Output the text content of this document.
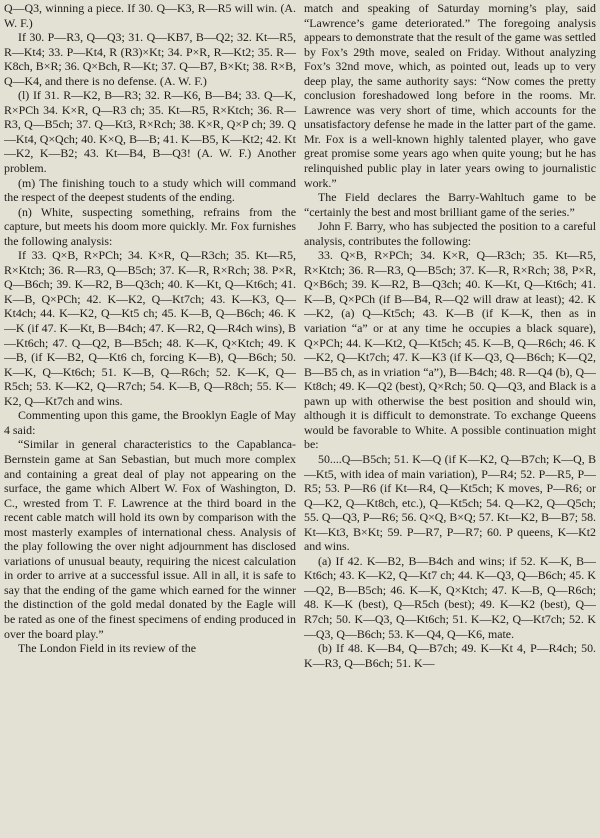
Q—Q3, winning a piece. If 30. Q—K3, R—R5 will win. (A. W. F.)

If 30. P—R3, Q—Q3; 31. Q—KB7, B—Q2; 32. Kt—R5, R—Kt4; 33. P—Kt4, R (R3)×Kt; 34. P×R, R—Kt2; 35. R—K8ch, B×R; 36. Q×Bch, R—Kt; 37. Q—B7, B×Kt; 38. R×B, Q—K4, and there is no defense. (A. W. F.)

(l) If 31. R—K2, B—R3; 32. R—K6, B—B4; 33. Q—K, R×PCh 34. K×R, Q—R3 ch; 35. Kt—R5, R×Ktch; 36. R—R3, Q—B5ch; 37. Q—Kt3, R×Rch; 38. K×R, Q×P ch; 39. Q—Kt4, Q×Qch; 40. K×Q, B—B; 41. K—B5, K—Kt2; 42. Kt—K2, K—B2; 43. Kt—B4, B—Q3! (A. W. F.) Another problem.

(m) The finishing touch to a study which will command the respect of the deepest students of the ending.

(n) White, suspecting something, refrains from the capture, but meets his doom more quickly. Mr. Fox furnishes the following analysis:

If 33. Q×B, R×PCh; 34. K×R, Q—R3ch; 35. Kt—R5, R×Ktch; 36. R—R3, Q—B5ch; 37. K—R, R×Rch; 38. P×R, Q—B6ch; 39. K—R2, B—Q3ch; 40. K—Kt, Q—Kt6ch; 41. K—B, Q×PCh; 42. K—K2, Q—Kt7ch; 43. K—K3, Q—Kt4ch; 44. K—K2, Q—Kt5 ch; 45. K—B, Q—B6ch; 46. K—K (if 47. K—Kt, B—B4ch; 47. K—R2, Q—R4ch wins), B—Kt6ch; 47. Q—Q2, B—B5ch; 48. K—K, Q×Ktch; 49. K—B, (if K—B2, Q—Kt6 ch, forcing K—B), Q—B6ch; 50. K—K, Q—Kt6ch; 51. K—B, Q—R6ch; 52. K—K, Q—R5ch; 53. K—K2, Q—R7ch; 54. K—B, Q—R8ch; 55. K—K2, Q—Kt7ch and wins.

Commenting upon this game, the Brooklyn Eagle of May 4 said:

“Similar in general characteristics to the Capablanca-Bernstein game at San Sebastian, but much more complex and containing a great deal of play not appearing on the surface, the game which Albert W. Fox of Washington, D. C., wrested from T. F. Lawrence at the third board in the recent cable match will hold its own by comparison with the most masterly examples of international chess. Analysis of the play following the over night adjournment has disclosed variations of unusual beauty, requiring the nicest calculation in order to arrive at a successful issue. All in all, it is safe to say that the ending of the game which earned for the winner the distinction of the gold medal donated by the Eagle will be rated as one of the finest specimens of ending produced in over the board play.”

The London Field in its review of the

match and speaking of Saturday morning’s play, said “Lawrence’s game deteriorated.” The foregoing analysis appears to demonstrate that the result of the game was settled by Fox’s 29th move, sealed on Friday. Without analyzing Fox’s 32nd move, which, as pointed out, leads up to very deep play, the same authority says: “Now comes the pretty conclusion foreshadowed long before in the rooms. Mr. Lawrence was very short of time, which accounts for the unsatisfactory defense he made in the latter part of the game. Mr. Fox is a well-known highly talented player, who gave great promise some years ago when quite young; but he has relinquished public play in later years owing to journalistic work.”

The Field declares the Barry-Wahltuch game to be “certainly the best and most brilliant game of the series.”

John F. Barry, who has subjected the position to a careful analysis, contributes the following:

33. Q×B, R×PCh; 34. K×R, Q—R3ch; 35. Kt—R5, R×Ktch; 36. R—R3, Q—B5ch; 37. K—R, R×Rch; 38, P×R, Q×B6ch; 39. K—R2, B—Q3ch; 40. K—Kt, Q—Kt6ch; 41. K—B, Q×PCh (if B—B4, R—Q2 will draw at least); 42. K—K2, (a) Q—Kt5ch; 43. K—B (if K—K, then as in variation “a” or at any time he occupies a black square), Q×PCh; 44. K—Kt2, Q—Kt5ch; 45. K—B, Q—R6ch; 46. K—K2, Q—Kt7ch; 47. K—K3 (if K—Q3, Q—B6ch; K—Q2, B—B5 ch, as in vriation “a”), B—B4ch; 48. R—Q4 (b), Q—Kt8ch; 49. K—Q2 (best), Q×Rch; 50. Q—Q3, and Black is a pawn up with otherwise the best position and should win, although it is difficult to demonstrate. To exchange Queens would be favorable to White. A possible continuation might be:

50....Q—B5ch; 51. K—Q (if K—K2, Q—B7ch; K—Q, B—Kt5, with idea of main variation), P—R4; 52. P—R5, P—R5; 53. P—R6 (if Kt—R4, Q—Kt5ch; K moves, P—R6; or Q—K2, Q—Kt8ch, etc.), Q—Kt5ch; 54. Q—K2, Q—Q5ch; 55. Q—Q3, P—R6; 56. Q×Q, B×Q; 57. Kt—K2, B—B7; 58. Kt—Kt3, B×Kt; 59. P—R7, P—R7; 60. P queens, K—Kt2 and wins.

(a) If 42. K—B2, B—B4ch and wins; if 52. K—K, B—Kt6ch; 43. K—K2, Q—Kt7 ch; 44. K—Q3, Q—B6ch; 45. K—Q2, B—B5ch; 46. K—K, Q×Ktch; 47. K—B, Q—R6ch; 48. K—K (best), Q—R5ch (best); 49. K—K2 (best), Q—R7ch; 50. K—Q3, Q—Kt6ch; 51. K—K2, Q—Kt7ch; 52. K—Q3, Q—B6ch; 53. K—Q4, Q—K6, mate.

(b) If 48. K—B4, Q—B7ch; 49. K—Kt 4, P—R4ch; 50. K—R3, Q—B6ch; 51. K—
